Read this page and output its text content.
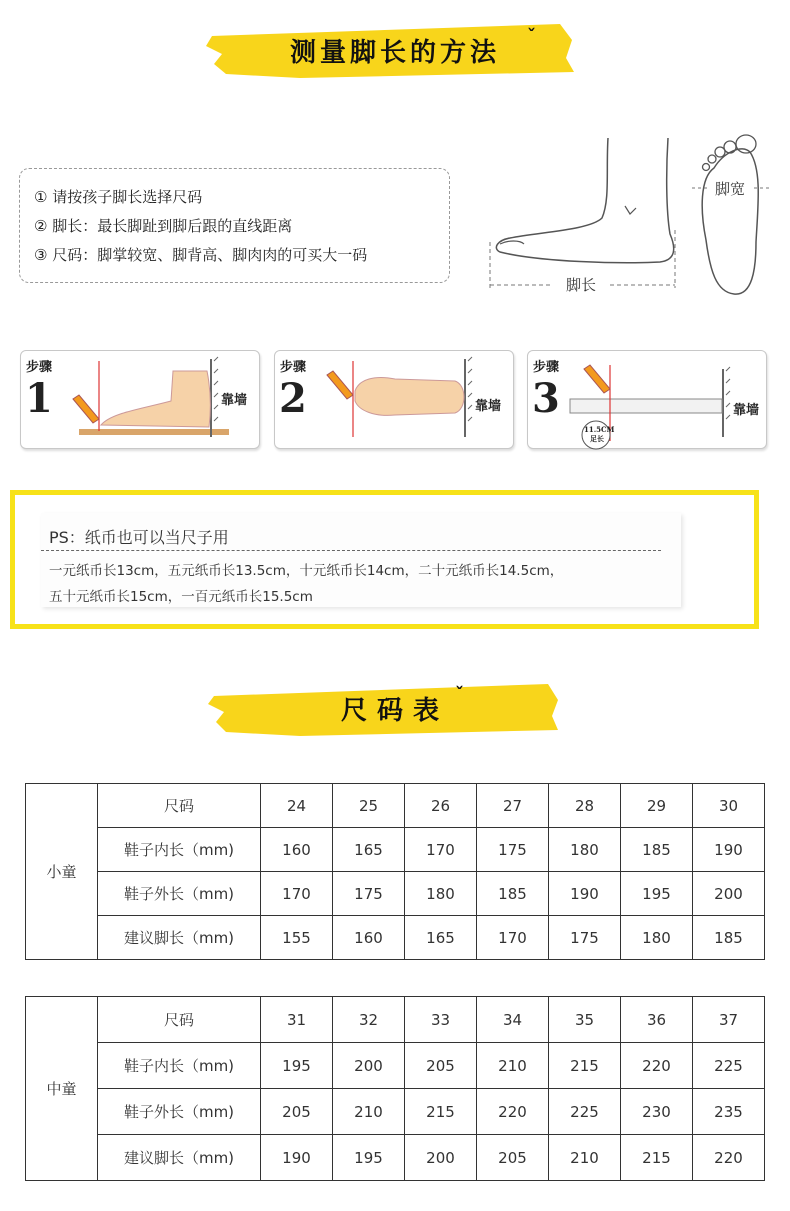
测量脚长的方法
ˇ
① 请按孩子脚长选择尺码
② 脚长：最长脚趾到脚后跟的直线距离
③ 尺码：脚掌较宽、脚背高、脚肉肉的可买大一码
脚长
脚宽
步骤
1	靠墙
步骤
2	靠墙
步骤
3	靠墙
11.5CM
足长
PS：纸币也可以当尺子用
一元纸币长13cm，五元纸币长13.5cm，十元纸币长14cm，二十元纸币长14.5cm，
五十元纸币长15cm，一百元纸币长15.5cm
尺码表
ˇ
小童	尺码	24	25	26	27	28	29	30
	鞋子内长（mm)	160	165	170	175	180	185	190
	鞋子外长（mm)	170	175	180	185	190	195	200
	建议脚长（mm)	155	160	165	170	175	180	185
中童	尺码	31	32	33	34	35	36	37
	鞋子内长（mm)	195	200	205	210	215	220	225
	鞋子外长（mm)	205	210	215	220	225	230	235
	建议脚长（mm)	190	195	200	205	210	215	220
